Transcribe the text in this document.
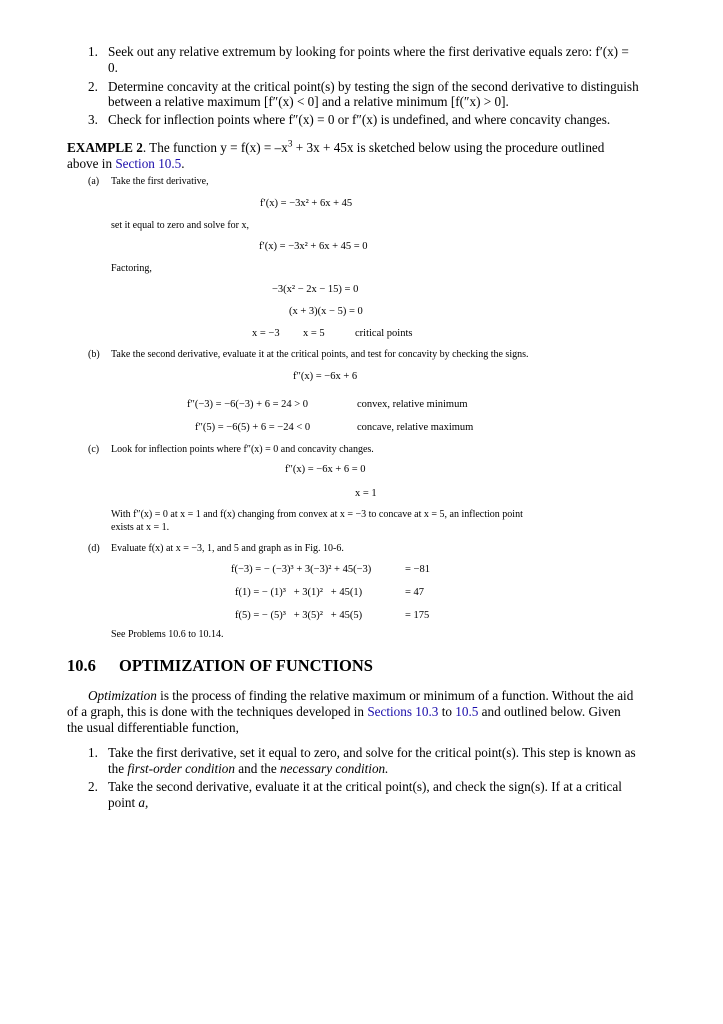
1. Seek out any relative extremum by looking for points where the first derivative equals zero: f′(x) =
0.
2. Determine concavity at the critical point(s) by testing the sign of the second derivative to distinguish
between a relative maximum [f″(x) < 0] and a relative minimum [f(″x) > 0].
3. Check for inflection points where f″(x) = 0 or f″(x) is undefined, and where concavity changes.
EXAMPLE 2. The function $y = f(x) = -x^3 + 3x + 45x$ is sketched below using the procedure outlined
above in Section 10.5.
(a) Take the first derivative,
f′(x) = −3x² + 6x + 45
set it equal to zero and solve for x,
f′(x) = −3x² + 6x + 45 = 0
Factoring,
−3(x² − 2x − 15) = 0
(x + 3)(x − 5) = 0
x = −3 x = 5	critical points
(b) Take the second derivative, evaluate it at the critical points, and test for concavity by checking the signs.
f″(x) = −6x + 6
f″(−3) = −6(−3) + 6 = 24 > 0	convex, relative minimum
f″(5) = −6(5) + 6 = −24 < 0	concave, relative maximum
(c) Look for inflection points where f″(x) = 0 and concavity changes.
f″(x) = −6x + 6 = 0
x = 1
With f″(x) = 0 at x = 1 and f(x) changing from convex at x = −3 to concave at x = 5, an inflection point
exists at x = 1.
(d) Evaluate f(x) at x = −3, 1, and 5 and graph as in Fig. 10-6.
f(−3) = − (−3)³ + 3(−3)² + 45(−3)	= −81
f(1) = − (1)³   + 3(1)²   + 45(1)	= 47
f(5) = − (5)³   + 3(5)²   + 45(5)	= 175
See Problems 10.6 to 10.14.
10.6 OPTIMIZATION OF FUNCTIONS
Optimization is the process of finding the relative maximum or minimum of a function. Without the aid
of a graph, this is done with the techniques developed in Sections 10.3 to 10.5 and outlined below. Given
the usual differentiable function,
1. Take the first derivative, set it equal to zero, and solve for the critical point(s). This step is known as
the first-order condition and the necessary condition.
2. Take the second derivative, evaluate it at the critical point(s), and check the sign(s). If at a critical
point a,
